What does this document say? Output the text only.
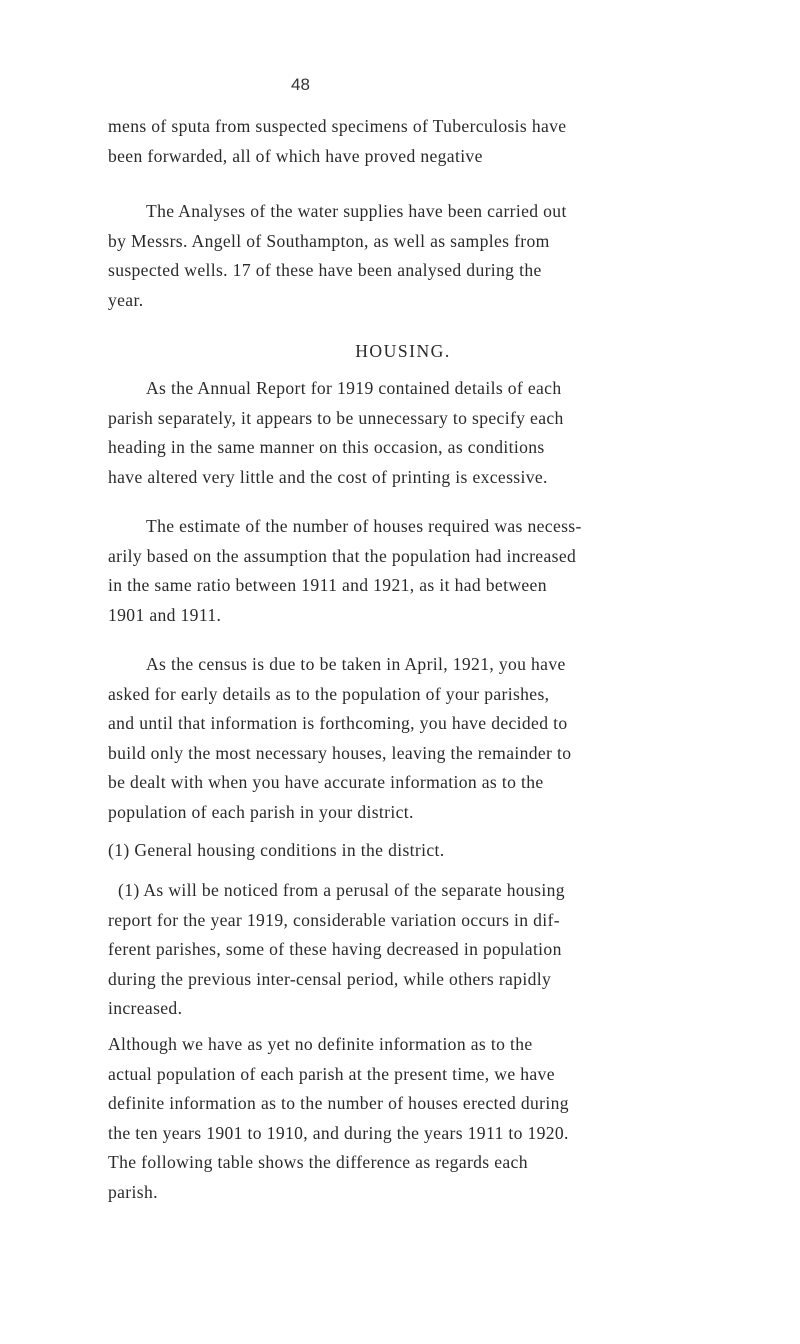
48
mens of sputa from suspected specimens of Tuberculosis have
been forwarded, all of which have proved negative
The Analyses of the water supplies have been carried out
by Messrs. Angell of Southampton, as well as samples from
suspected wells. 17 of these have been analysed during the
year.
HOUSING.
As the Annual Report for 1919 contained details of each
parish separately, it appears to be unnecessary to specify each
heading in the same manner on this occasion, as conditions
have altered very little and the cost of printing is excessive.
The estimate of the number of houses required was necess-
arily based on the assumption that the population had increased
in the same ratio between 1911 and 1921, as it had between
1901 and 1911.
As the census is due to be taken in April, 1921, you have
asked for early details as to the population of your parishes,
and until that information is forthcoming, you have decided to
build only the most necessary houses, leaving the remainder to
be dealt with when you have accurate information as to the
population of each parish in your district.
(1) General housing conditions in the district.
(1) As will be noticed from a perusal of the separate housing
report for the year 1919, considerable variation occurs in dif-
ferent parishes, some of these having decreased in population
during the previous inter-censal period, while others rapidly
increased.
Although we have as yet no definite information as to the
actual population of each parish at the present time, we have
definite information as to the number of houses erected during
the ten years 1901 to 1910, and during the years 1911 to 1920.
The following table shows the difference as regards each
parish.
